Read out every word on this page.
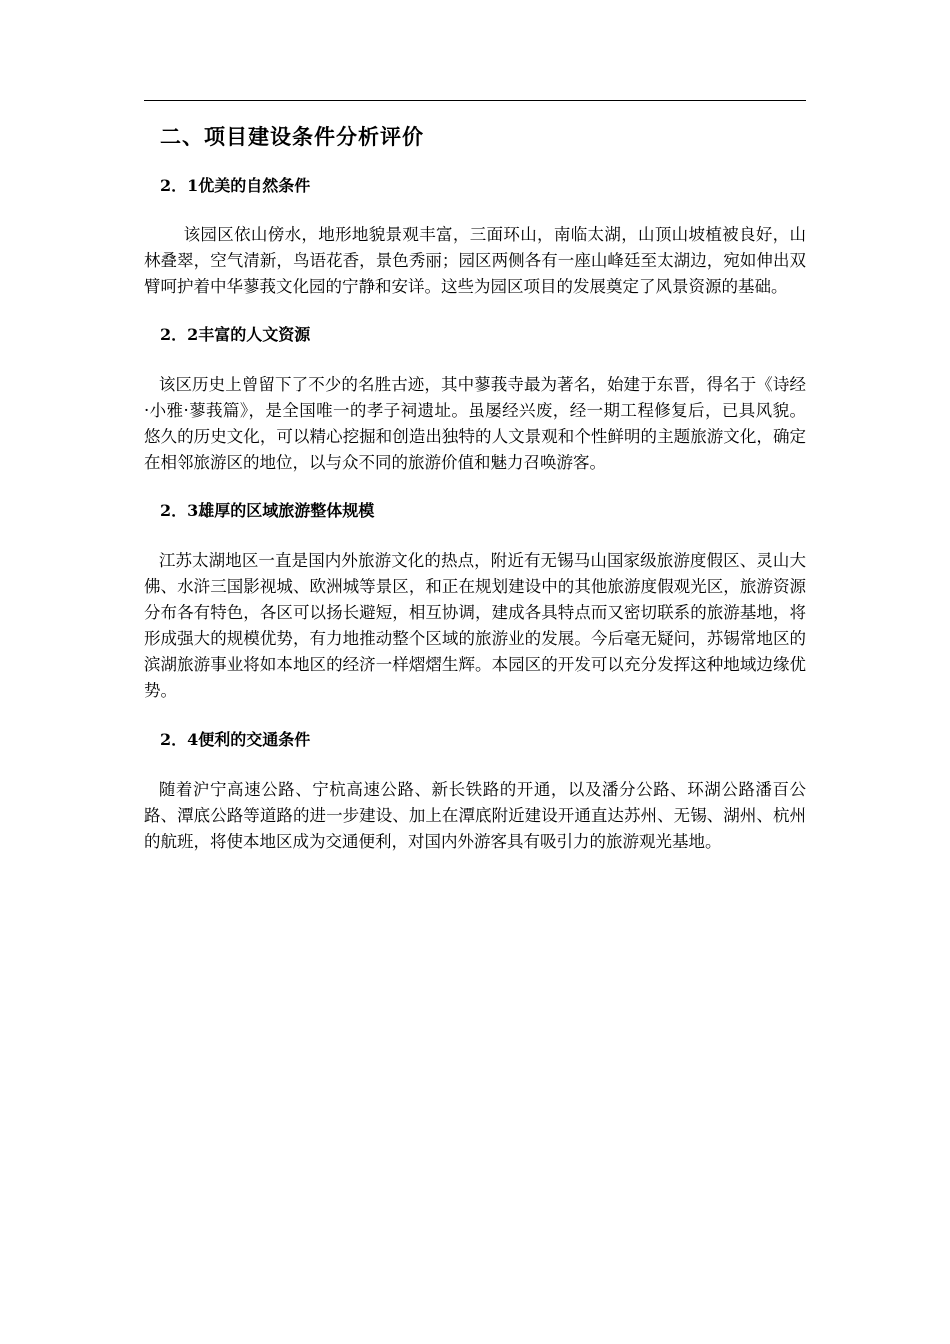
二、项目建设条件分析评价
2．1优美的自然条件

该园区依山傍水，地形地貌景观丰富，三面环山，南临太湖，山顶山坡植被良好，山林叠翠，空气清新，鸟语花香，景色秀丽；园区两侧各有一座山峰廷至太湖边，宛如伸出双臂呵护着中华蓼莪文化园的宁静和安详。这些为园区项目的发展奠定了风景资源的基础。

2．2丰富的人文资源

该区历史上曾留下了不少的名胜古迹，其中蓼莪寺最为著名，始建于东晋，得名于《诗经·小雅·蓼莪篇》，是全国唯一的孝子祠遗址。虽屡经兴废，经一期工程修复后，已具风貌。悠久的历史文化，可以精心挖掘和创造出独特的人文景观和个性鲜明的主题旅游文化，确定在相邻旅游区的地位，以与众不同的旅游价值和魅力召唤游客。

2．3雄厚的区域旅游整体规模

江苏太湖地区一直是国内外旅游文化的热点，附近有无锡马山国家级旅游度假区、灵山大佛、水浒三国影视城、欧洲城等景区，和正在规划建设中的其他旅游度假观光区，旅游资源分布各有特色，各区可以扬长避短，相互协调，建成各具特点而又密切联系的旅游基地，将形成强大的规模优势，有力地推动整个区域的旅游业的发展。今后毫无疑问，苏锡常地区的滨湖旅游事业将如本地区的经济一样熠熠生辉。本园区的开发可以充分发挥这种地域边缘优势。

2．4便利的交通条件

随着沪宁高速公路、宁杭高速公路、新长铁路的开通，以及潘分公路、环湖公路潘百公路、潭底公路等道路的进一步建设、加上在潭底附近建设开通直达苏州、无锡、湖州、杭州的航班，将使本地区成为交通便利，对国内外游客具有吸引力的旅游观光基地。
